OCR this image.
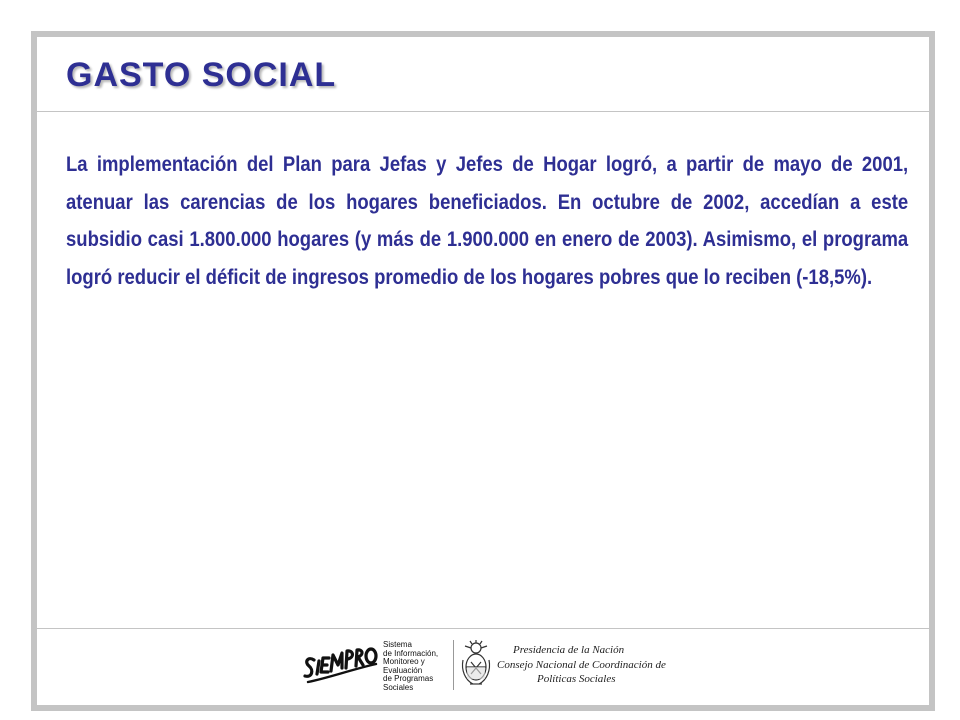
GASTO SOCIAL

La implementación del Plan para Jefas y Jefes de Hogar logró, a partir de mayo de 2001, atenuar las carencias de los hogares beneficiados. En octubre de 2002, accedían a este subsidio casi 1.800.000 hogares (y más de 1.900.000 en enero de 2003). Asimismo, el programa logró reducir el déficit de ingresos promedio de los hogares pobres que lo reciben (-18,5%).

Sistema
de Información,
Monitoreo y
Evaluación
de Programas
Sociales
Presidencia de la Nación
Consejo Nacional de Coordinación de
Políticas Sociales
